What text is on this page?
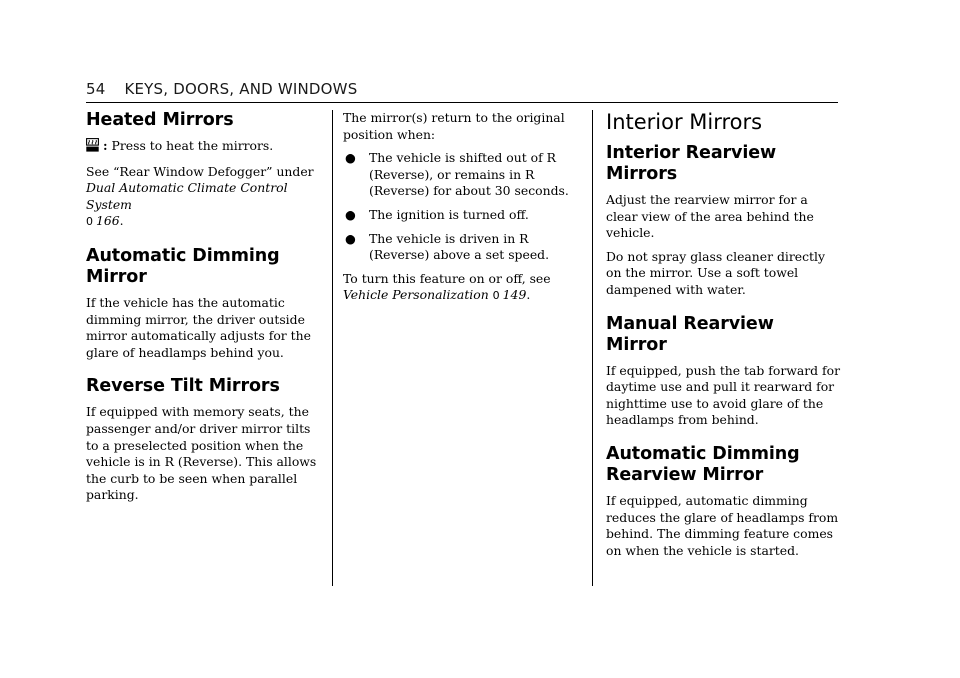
54 KEYS, DOORS, AND WINDOWS
Heated Mirrors

: Press to heat the mirrors.

See “Rear Window Defogger” under
Dual Automatic Climate Control System
0 166.

Automatic Dimming Mirror

If the vehicle has the automatic dimming mirror, the driver outside mirror automatically adjusts for the glare of headlamps behind you.

Reverse Tilt Mirrors

If equipped with memory seats, the passenger and/or driver mirror tilts to a preselected position when the vehicle is in R (Reverse). This allows the curb to be seen when parallel parking.

The mirror(s) return to the original position when:

● The vehicle is shifted out of R (Reverse), or remains in R (Reverse) for about 30 seconds.
● The ignition is turned off.
● The vehicle is driven in R (Reverse) above a set speed.

To turn this feature on or off, see
Vehicle Personalization 0 149.

Interior Mirrors
Interior Rearview Mirrors

Adjust the rearview mirror for a clear view of the area behind the vehicle.

Do not spray glass cleaner directly on the mirror. Use a soft towel dampened with water.

Manual Rearview Mirror

If equipped, push the tab forward for daytime use and pull it rearward for nighttime use to avoid glare of the headlamps from behind.

Automatic Dimming
Rearview Mirror

If equipped, automatic dimming reduces the glare of headlamps from behind. The dimming feature comes on when the vehicle is started.
